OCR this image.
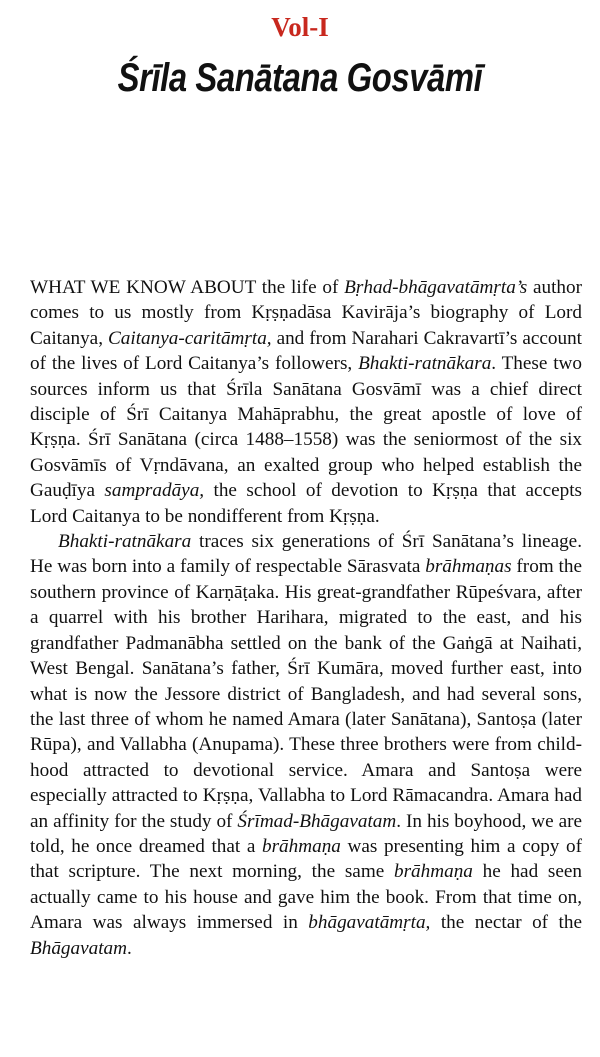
Vol-I
Śrīla Sanātana Gosvāmī

WHAT WE KNOW ABOUT the life of Bṛhad-bhāgavatāmṛta’s author comes to us mostly from Kṛṣṇadāsa Kavirāja’s biography of Lord Caitanya, Caitanya-caritāmṛta, and from Narahari Cakravartī’s account of the lives of Lord Caitanya’s followers, Bhakti-ratnākara. These two sources inform us that Śrīla Sanātana Gosvāmī was a chief direct disciple of Śrī Caitanya Mahāprabhu, the great apostle of love of Kṛṣṇa. Śrī Sanātana (circa 1488–1558) was the seniormost of the six Gosvāmīs of Vṛndāvana, an exalted group who helped establish the Gauḍīya sampradāya, the school of devotion to Kṛṣṇa that accepts Lord Caitanya to be nondifferent from Kṛṣṇa.

Bhakti-ratnākara traces six generations of Śrī Sanātana’s lineage. He was born into a family of respectable Sārasvata brāhmaṇas from the southern province of Karṇāṭaka. His great-grandfather Rūpeśvara, after a quarrel with his brother Harihara, migrated to the east, and his grandfather Padmanābha settled on the bank of the Gaṅgā at Naihati, West Bengal. Sanātana’s father, Śrī Kumāra, moved further east, into what is now the Jessore district of Bangladesh, and had several sons, the last three of whom he named Amara (later Sanātana), Santoṣa (later Rūpa), and Vallabha (Anupama). These three brothers were from childhood attracted to devotional service. Amara and Santoṣa were especially attracted to Kṛṣṇa, Vallabha to Lord Rāmacandra. Amara had an affinity for the study of Śrīmad-Bhāgavatam. In his boyhood, we are told, he once dreamed that a brāhmaṇa was presenting him a copy of that scripture. The next morning, the same brāhmaṇa he had seen actually came to his house and gave him the book. From that time on, Amara was always immersed in bhāgavatāmṛta, the nectar of the Bhāgavatam.
